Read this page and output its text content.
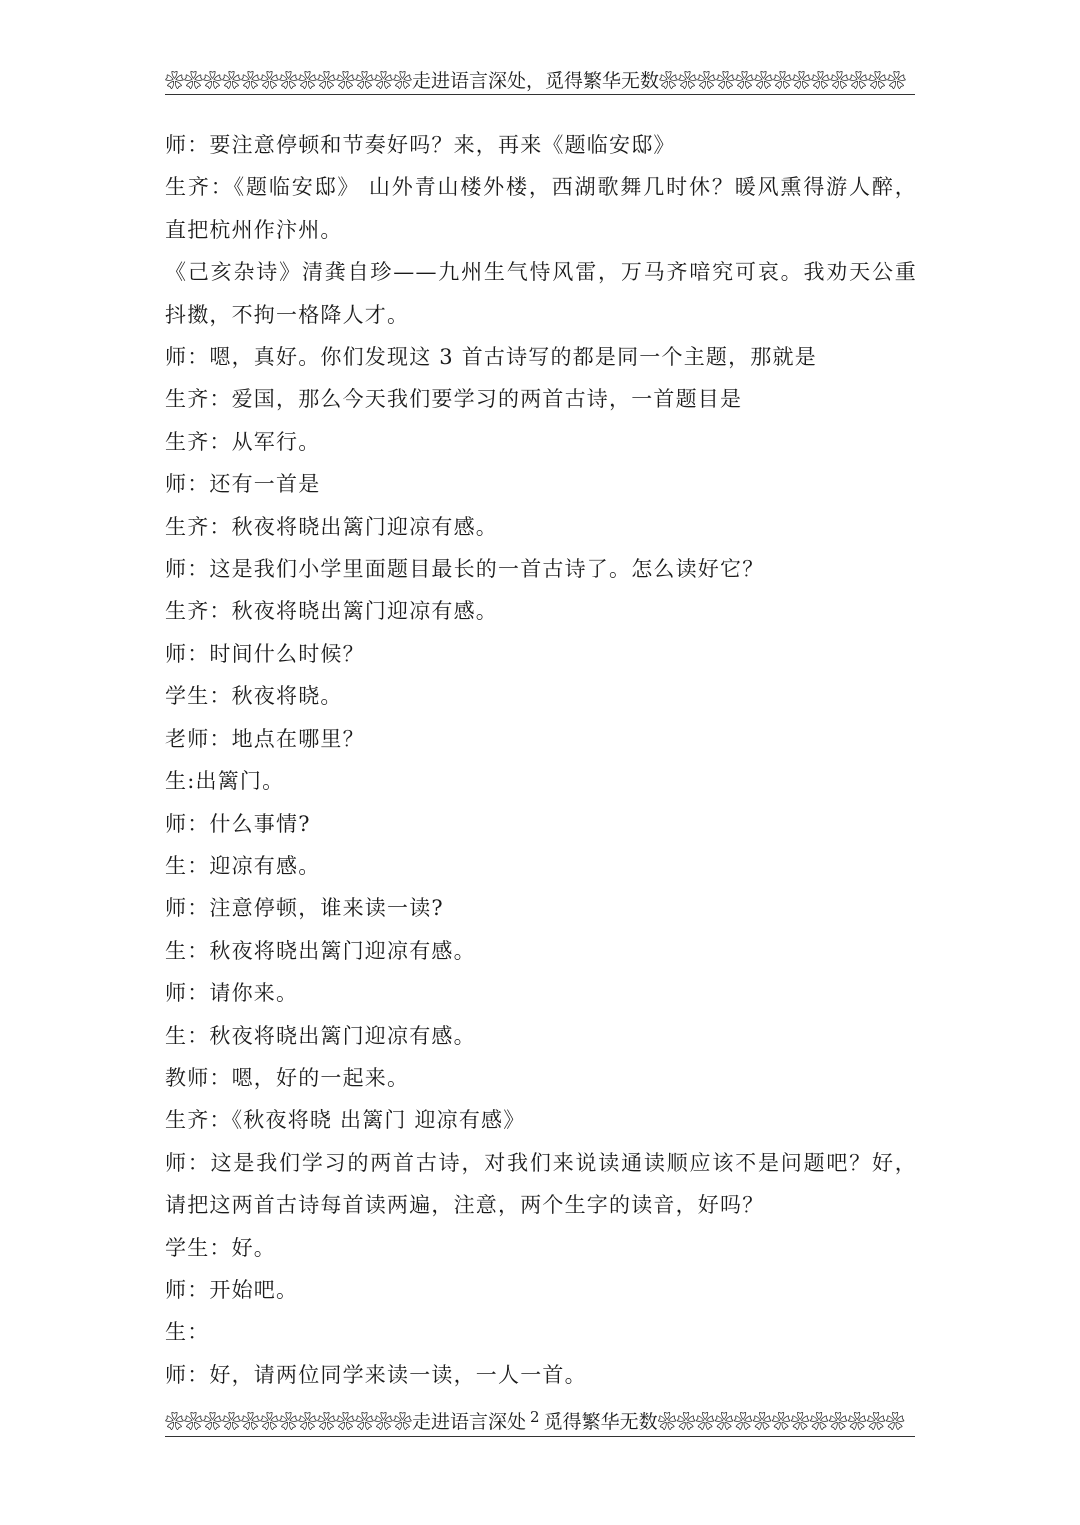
❀❀❀❀❀❀❀❀❀❀❀❀❀走进语言深处，觅得繁华无数❀❀❀❀❀❀❀❀❀❀❀❀❀

师：要注意停顿和节奏好吗？来，再来《题临安邸》

生齐：《题临安邸》 山外青山楼外楼，西湖歌舞几时休？暖风熏得游人醉，直把杭州作汴州。

《己亥杂诗》清龚自珍——九州生气恃风雷，万马齐喑究可哀。我劝天公重抖擞，不拘一格降人才。

师：嗯，真好。你们发现这 3 首古诗写的都是同一个主题，那就是

生齐：爱国，那么今天我们要学习的两首古诗，一首题目是

生齐：从军行。

师：还有一首是

生齐：秋夜将晓出篱门迎凉有感。

师：这是我们小学里面题目最长的一首古诗了。怎么读好它？

生齐：秋夜将晓出篱门迎凉有感。

师：时间什么时候？

学生：秋夜将晓。

老师：地点在哪里？

生:出篱门。

师：什么事情?

生：迎凉有感。

师：注意停顿，谁来读一读?

生：秋夜将晓出篱门迎凉有感。

师：请你来。

生：秋夜将晓出篱门迎凉有感。

教师：嗯，好的一起来。

生齐：《秋夜将晓 出篱门 迎凉有感》

师：这是我们学习的两首古诗，对我们来说读通读顺应该不是问题吧？好，请把这两首古诗每首读两遍，注意，两个生字的读音，好吗？

学生：好。

师：开始吧。

生：

师：好，请两位同学来读一读，一人一首。

❀❀❀❀❀❀❀❀❀❀❀❀❀走进语言深处 2 觅得繁华无数❀❀❀❀❀❀❀❀❀❀❀❀❀
